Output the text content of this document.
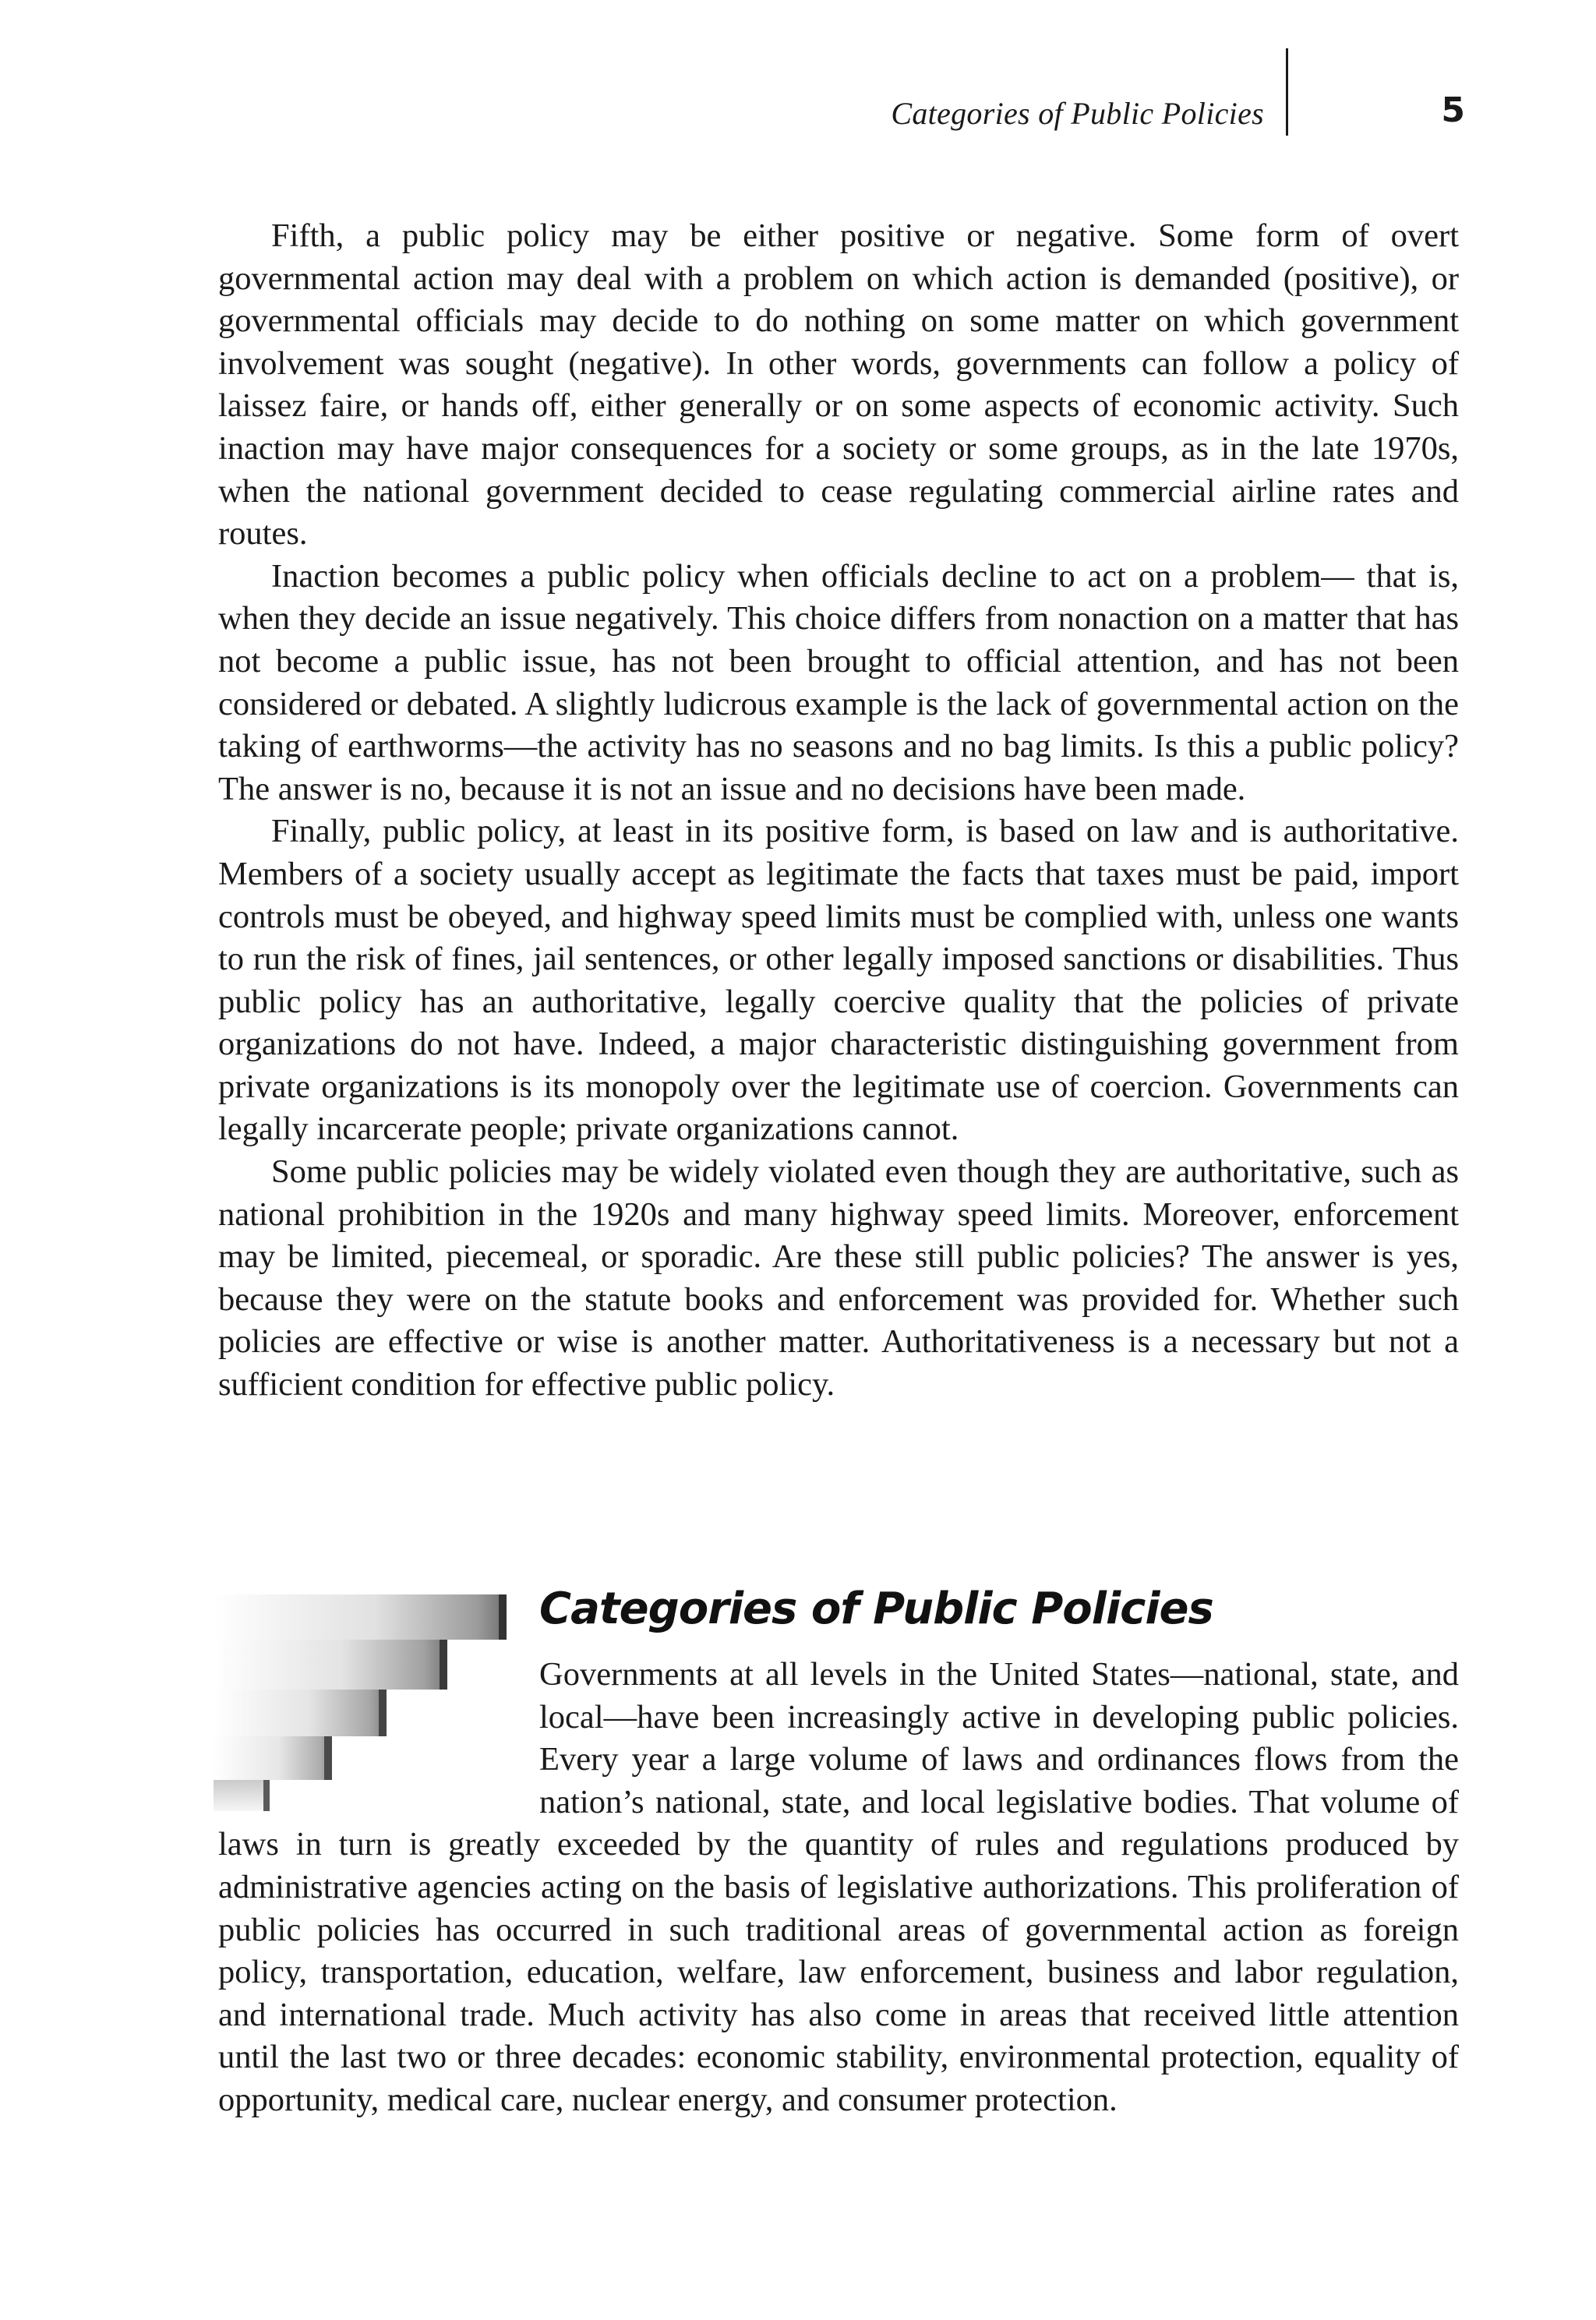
Categories of Public Policies	5

Fifth, a public policy may be either positive or negative. Some form of overt governmental action may deal with a problem on which action is demanded (positive), or governmental officials may decide to do nothing on some matter on which government involvement was sought (negative). In other words, governments can follow a policy of laissez faire, or hands off, either generally or on some aspects of economic activity. Such inaction may have major consequences for a society or some groups, as in the late 1970s, when the national government decided to cease regulating commercial airline rates and routes.

Inaction becomes a public policy when officials decline to act on a problem— that is, when they decide an issue negatively. This choice differs from nonaction on a matter that has not become a public issue, has not been brought to official attention, and has not been considered or debated. A slightly ludicrous example is the lack of governmental action on the taking of earthworms—the activity has no seasons and no bag limits. Is this a public policy? The answer is no, because it is not an issue and no decisions have been made.

Finally, public policy, at least in its positive form, is based on law and is authoritative. Members of a society usually accept as legitimate the facts that taxes must be paid, import controls must be obeyed, and highway speed limits must be complied with, unless one wants to run the risk of fines, jail sentences, or other legally imposed sanctions or disabilities. Thus public policy has an authoritative, legally coercive quality that the policies of private organizations do not have. Indeed, a major characteristic distinguishing government from private organizations is its monopoly over the legitimate use of coercion. Governments can legally incarcerate people; private organizations cannot.

Some public policies may be widely violated even though they are authoritative, such as national prohibition in the 1920s and many highway speed limits. Moreover, enforcement may be limited, piecemeal, or sporadic. Are these still public policies? The answer is yes, because they were on the statute books and enforcement was provided for. Whether such policies are effective or wise is another matter. Authoritativeness is a necessary but not a sufficient condition for effective public policy.

Categories of Public Policies

Governments at all levels in the United States—national, state, and local—have been increasingly active in developing public policies. Every year a large volume of laws and ordinances flows from the nation’s national, state, and local legislative bodies. That volume of laws in turn is greatly exceeded by the quantity of rules and regulations produced by administrative agencies acting on the basis of legislative authorizations. This proliferation of public policies has occurred in such traditional areas of governmental action as foreign policy, transportation, education, welfare, law enforcement, business and labor regulation, and international trade. Much activity has also come in areas that received little attention until the last two or three decades: economic stability, environmental protection, equality of opportunity, medical care, nuclear energy, and consumer protection.
